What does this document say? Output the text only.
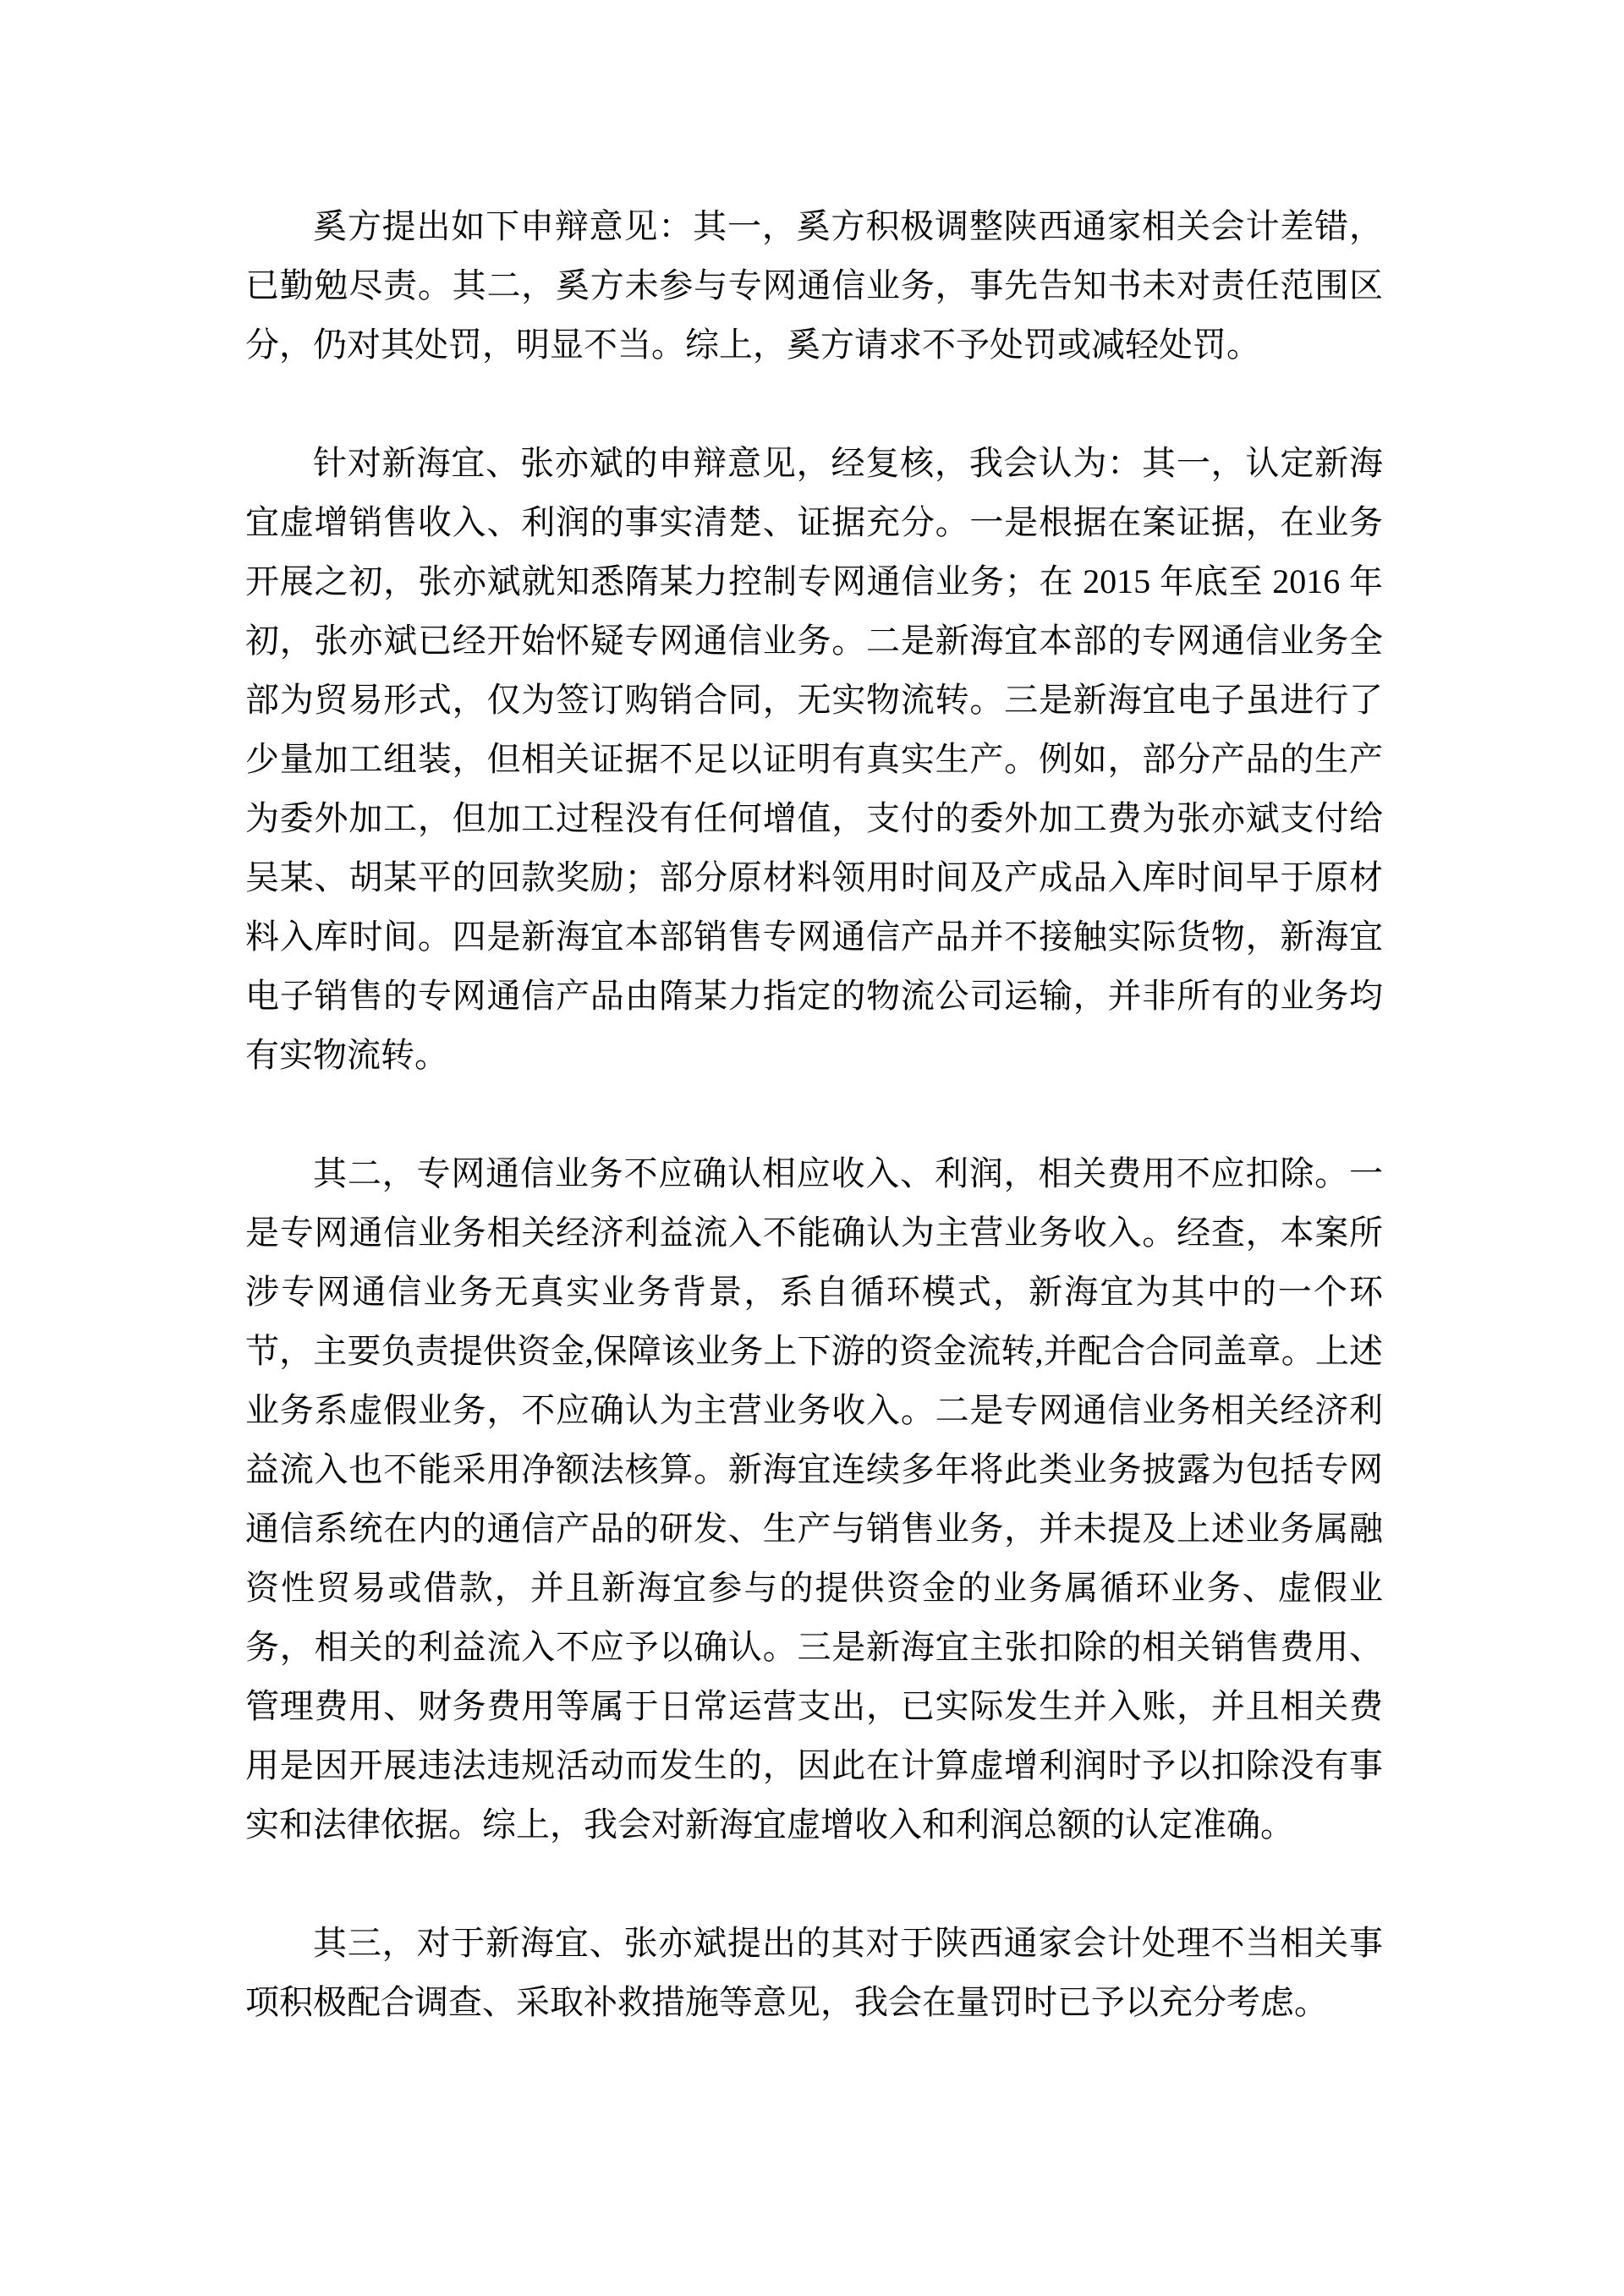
奚方提出如下申辩意见：其一，奚方积极调整陕西通家相关会计差错，已勤勉尽责。其二，奚方未参与专网通信业务，事先告知书未对责任范围区分，仍对其处罚，明显不当。综上，奚方请求不予处罚或减轻处罚。

针对新海宜、张亦斌的申辩意见，经复核，我会认为：其一，认定新海宜虚增销售收入、利润的事实清楚、证据充分。一是根据在案证据，在业务开展之初，张亦斌就知悉隋某力控制专网通信业务；在 2015 年底至 2016 年初，张亦斌已经开始怀疑专网通信业务。二是新海宜本部的专网通信业务全部为贸易形式，仅为签订购销合同，无实物流转。三是新海宜电子虽进行了少量加工组装，但相关证据不足以证明有真实生产。例如，部分产品的生产为委外加工，但加工过程没有任何增值，支付的委外加工费为张亦斌支付给吴某、胡某平的回款奖励；部分原材料领用时间及产成品入库时间早于原材料入库时间。四是新海宜本部销售专网通信产品并不接触实际货物，新海宜电子销售的专网通信产品由隋某力指定的物流公司运输，并非所有的业务均有实物流转。

其二，专网通信业务不应确认相应收入、利润，相关费用不应扣除。一是专网通信业务相关经济利益流入不能确认为主营业务收入。经查，本案所涉专网通信业务无真实业务背景，系自循环模式，新海宜为其中的一个环节，主要负责提供资金,保障该业务上下游的资金流转,并配合合同盖章。上述业务系虚假业务，不应确认为主营业务收入。二是专网通信业务相关经济利益流入也不能采用净额法核算。新海宜连续多年将此类业务披露为包括专网通信系统在内的通信产品的研发、生产与销售业务，并未提及上述业务属融资性贸易或借款，并且新海宜参与的提供资金的业务属循环业务、虚假业务，相关的利益流入不应予以确认。三是新海宜主张扣除的相关销售费用、管理费用、财务费用等属于日常运营支出，已实际发生并入账，并且相关费用是因开展违法违规活动而发生的，因此在计算虚增利润时予以扣除没有事实和法律依据。综上，我会对新海宜虚增收入和利润总额的认定准确。

其三，对于新海宜、张亦斌提出的其对于陕西通家会计处理不当相关事项积极配合调查、采取补救措施等意见，我会在量罚时已予以充分考虑。
